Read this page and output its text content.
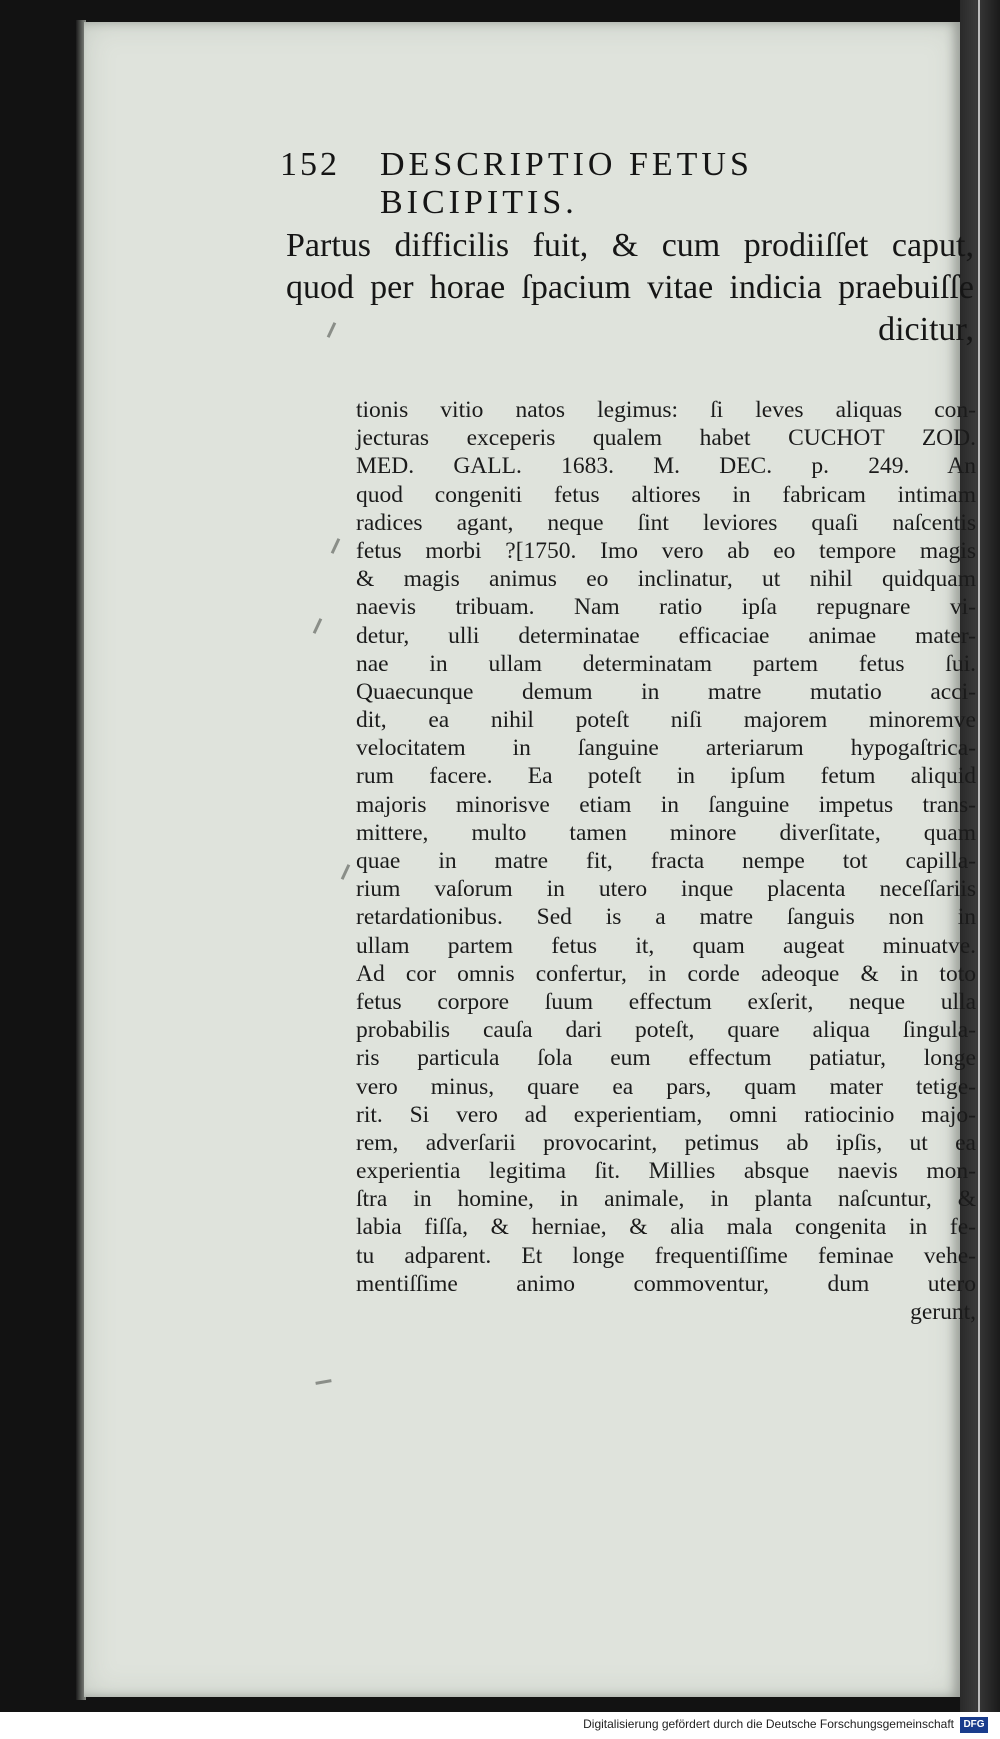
152 DESCRIPTIO FETUS BICIPITIS.
Partus difficilis fuit, & cum prodiiſſet caput,
quod per horae ſpacium vitae indicia praebuiſſe
dicitur,
tionis vitio natos legimus: ſi leves aliquas con-
jecturas exceperis qualem habet CUCHOT ZOD.
MED. GALL. 1683. M. DEC. p. 249. An
quod congeniti fetus altiores in fabricam intimam
radices agant, neque ſint leviores quaſi naſcentis
fetus morbi ?[1750. Imo vero ab eo tempore magis
& magis animus eo inclinatur, ut nihil quidquam
naevis tribuam. Nam ratio ipſa repugnare vi-
detur, ulli determinatae efficaciae animae mater-
nae in ullam determinatam partem fetus ſui.
Quaecunque demum in matre mutatio acci-
dit, ea nihil poteſt niſi majorem minoremve
velocitatem in ſanguine arteriarum hypogaſtrica-
rum facere. Ea poteſt in ipſum fetum aliquid
majoris minorisve etiam in ſanguine impetus trans-
mittere, multo tamen minore diverſitate, quam
quae in matre fit, fracta nempe tot capilla-
rium vaſorum in utero inque placenta neceſſariis
retardationibus. Sed is a matre ſanguis non in
ullam partem fetus it, quam augeat minuatve.
Ad cor omnis confertur, in corde adeoque & in toto
fetus corpore ſuum effectum exſerit, neque ulla
probabilis cauſa dari poteſt, quare aliqua ſingula-
ris particula ſola eum effectum patiatur, longe
vero minus, quare ea pars, quam mater tetige-
rit. Si vero ad experientiam, omni ratiocinio majo-
rem, adverſarii provocarint, petimus ab ipſis, ut ea
experientia legitima ſit. Millies absque naevis mon-
ſtra in homine, in animale, in planta naſcuntur, &
labia fiſſa, & herniae, & alia mala congenita in fe-
tu adparent. Et longe frequentiſſime feminae vehe-
mentiſſime animo commoventur, dum utero
gerunt,
Digitalisierung gefördert durch die Deutsche Forschungsgemeinschaft DFG
